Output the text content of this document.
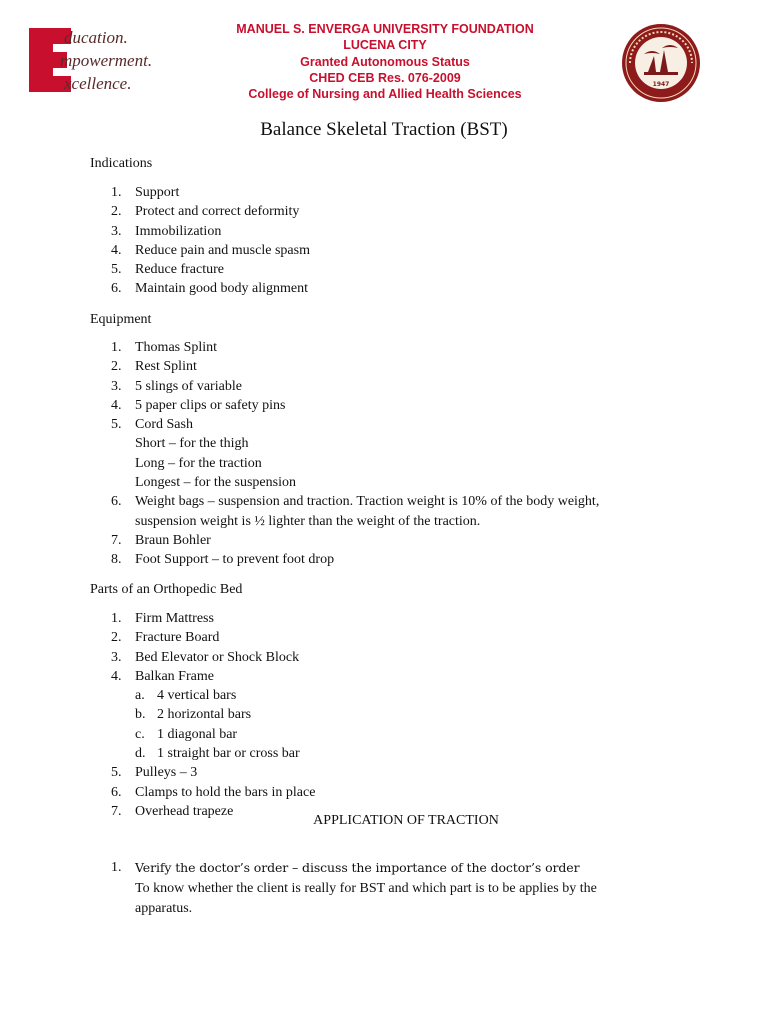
ducation.
mpowerment.
xcellence.
MANUEL S. ENVERGA UNIVERSITY FOUNDATION
LUCENA CITY
Granted Autonomous Status
CHED CEB Res. 076-2009
College of Nursing and Allied Health Sciences
1947
Balance Skeletal Traction (BST)
Indications
1. Support
2. Protect and correct deformity
3. Immobilization
4. Reduce pain and muscle spasm
5. Reduce fracture
6. Maintain good body alignment
Equipment
1. Thomas Splint
2. Rest Splint
3. 5 slings of variable
4. 5 paper clips or safety pins
5. Cord Sash
Short – for the thigh
Long – for the traction
Longest – for the suspension
6. Weight bags – suspension and traction. Traction weight is 10% of the body weight,
suspension weight is ½ lighter than the weight of the traction.
7. Braun Bohler
8. Foot Support – to prevent foot drop
Parts of an Orthopedic Bed
1. Firm Mattress
2. Fracture Board
3. Bed Elevator or Shock Block
4. Balkan Frame
a. 4 vertical bars
b. 2 horizontal bars
c. 1 diagonal bar
d. 1 straight bar or cross bar
5. Pulleys – 3
6. Clamps to hold the bars in place
7. Overhead trapeze
APPLICATION OF TRACTION
1. Verify the doctor’s order – discuss the importance of the doctor’s order
To know whether the client is really for BST and which part is to be applies by the
apparatus.
